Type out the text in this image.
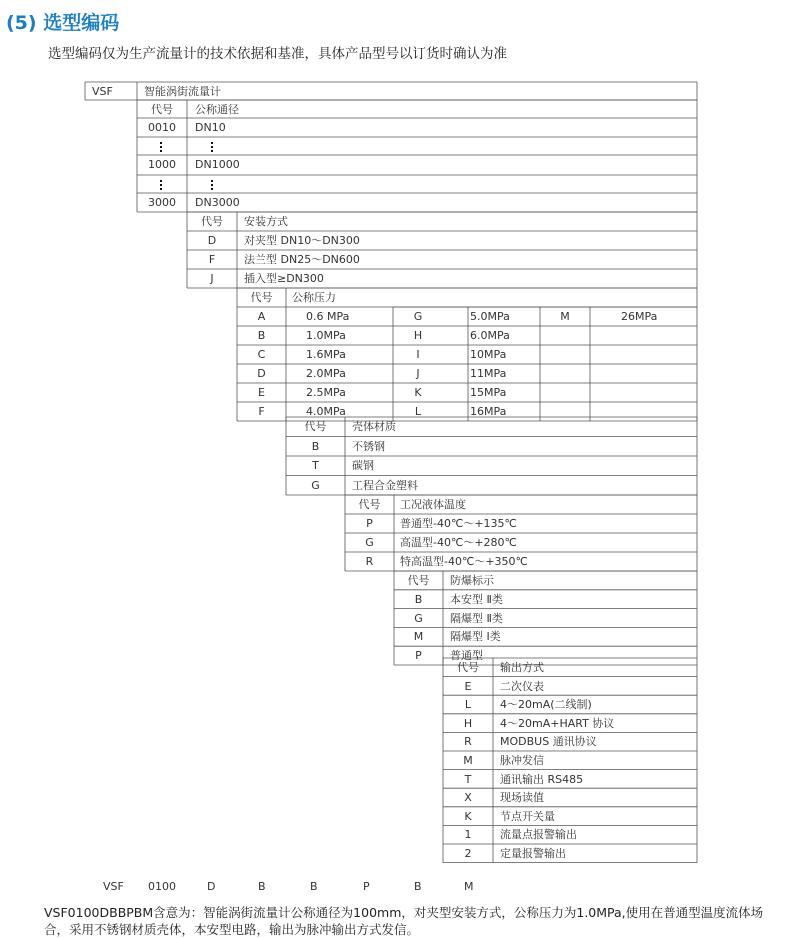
(5) 选型编码
选型编码仅为生产流量计的技术依据和基准，具体产品型号以订货时确认为准
VSF	智能涡街流量计
代号	公称通径
0010	DN10
1000	DN1000
3000	DN3000
代号	安装方式
D	对夹型 DN10～DN300
F	法兰型 DN25～DN600
J	插入型≥DN300
代号	公称压力
A	0.6 MPa	G	5.0MPa	M	26MPa
B	1.0MPa	H	6.0MPa
C	1.6MPa	I	10MPa
D	2.0MPa	J	11MPa
E	2.5MPa	K	15MPa
F	4.0MPa	L	16MPa
代号	壳体材质
B	不锈钢
T	碳钢
G	工程合金塑料
代号	工况液体温度
P	普通型-40℃～+135℃
G	高温型-40℃～+280℃
R	特高温型-40℃～+350℃
代号	防爆标示
B	本安型 Ⅱ类
G	隔爆型 Ⅱ类
M	隔爆型 Ⅰ类
P	普通型
代号	输出方式
E	二次仪表
L	4～20mA(二线制)
H	4～20mA+HART 协议
R	MODBUS 通讯协议
M	脉冲发信
T	通讯输出 RS485
X	现场读值
K	节点开关量
1	流量点报警输出
2	定量报警输出
VSF 0100	D	B	B	P	B	M
VSF0100DBBPBM含意为：智能涡街流量计公称通径为100mm，对夹型安装方式，公称压力为1.0MPa,使用在普通型温度流体场合，采用不锈钢材质壳体，本安型电路，输出为脉冲输出方式发信。
